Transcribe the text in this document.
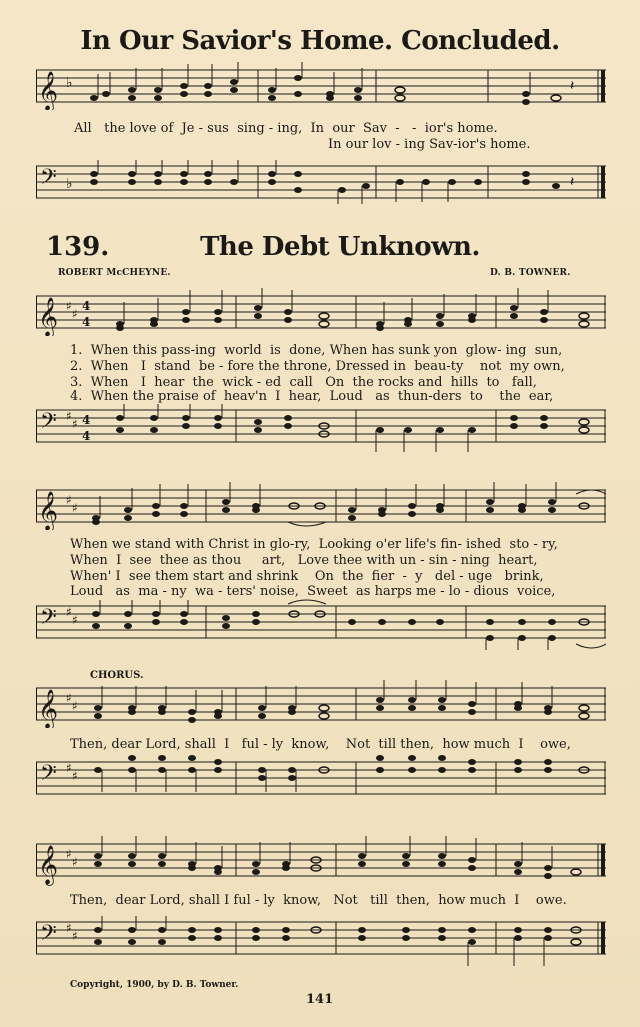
In Our Savior's Home. Concluded.
𝄞 ♭	𝄽
All   the love of  Je - sus  sing - ing,  In  our  Sav  -   -  ior's home.
In our lov - ing Sav-ior's home.
𝄢 ♭	𝄽
139.	The Debt Unknown.
ROBERT McCHEYNE.	D. B. TOWNER.
𝄞 ♯
♯
4
4
1.  When this pass-ing  world  is  done, When has sunk yon  glow- ing  sun,
2.  When   I  stand  be - fore the throne, Dressed in  beau-ty    not  my own,
3.  When   I  hear  the  wick - ed  call   On  the rocks and  hills  to   fall,
4.  When the praise of  heav'n  I  hear,  Loud   as  thun-ders  to    the  ear,
𝄢 ♯
♯ 4
4
𝄞 ♯
♯
When we stand with Christ in glo-ry,  Looking o'er life's fin- ished  sto - ry,
When  I  see  thee as thou     art,   Love thee with un - sin - ning  heart,
When' I  see them start and shrink    On  the  fier  -  y   del - uge   brink,
Loud   as  ma - ny  wa - ters' noise,  Sweet  as harps me - lo - dious  voice,
𝄢 ♯
♯
CHORUS.
𝄞 ♯
♯
Then, dear Lord, shall  I   ful - ly  know,    Not  till then,  how much  I    owe,
𝄢 ♯
♯
𝄞 ♯
♯
Then,  dear Lord, shall I ful - ly  know,   Not   till  then,  how much  I    owe.
𝄢 ♯
♯
Copyright, 1900, by D. B. Towner.
141
